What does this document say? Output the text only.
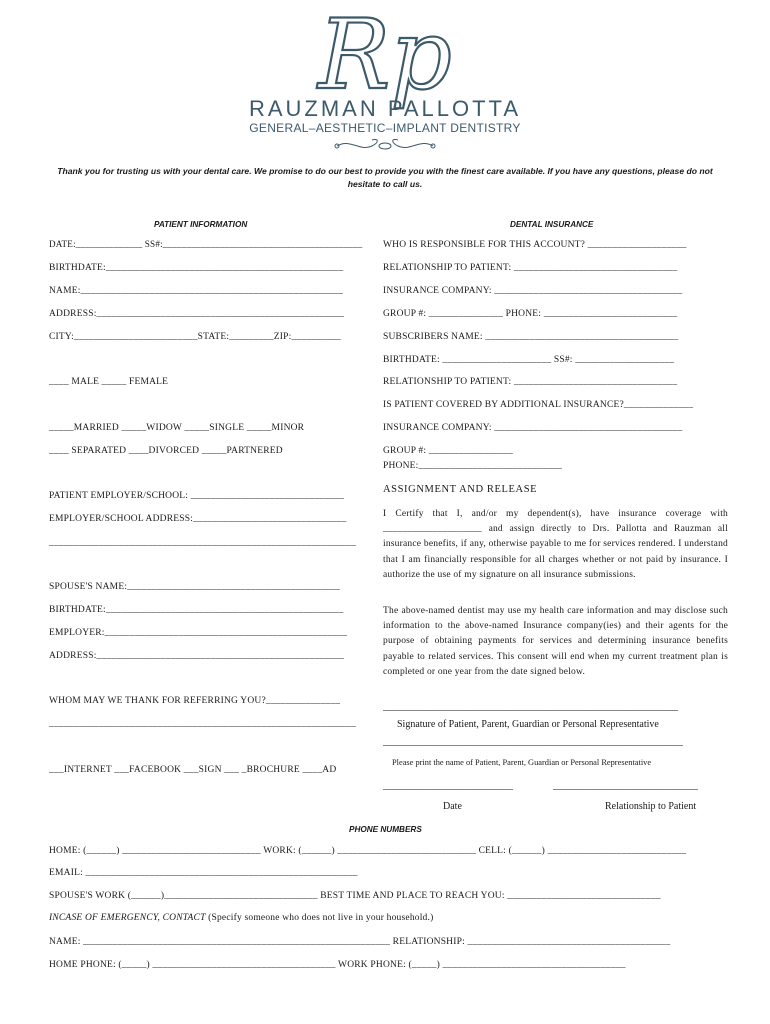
Rp
RAUZMAN PALLOTTA
GENERAL–AESTHETIC–IMPLANT DENTISTRY
Thank you for trusting us with your dental care. We promise to do our best to provide you with the finest care available. If you have any questions, please do not hesitate to call us.
PATIENT INFORMATION	DENTAL INSURANCE
DATE:______________ SS#:__________________________________________
BIRTHDATE:________________________________________________
NAME:_____________________________________________________
ADDRESS:__________________________________________________
CITY:_________________________STATE:_________ZIP:__________
____ MALE _____ FEMALE
_____MARRIED _____WIDOW _____SINGLE _____MINOR
____ SEPARATED ____DIVORCED _____PARTNERED
PATIENT EMPLOYER/SCHOOL: _______________________________
EMPLOYER/SCHOOL ADDRESS:_______________________________
______________________________________________________________
SPOUSE'S NAME:___________________________________________
BIRTHDATE:________________________________________________
EMPLOYER:_________________________________________________
ADDRESS:__________________________________________________
WHOM MAY WE THANK FOR REFERRING YOU?_______________
______________________________________________________________
___INTERNET ___FACEBOOK ___SIGN ___ _BROCHURE ____AD
WHO IS RESPONSIBLE FOR THIS ACCOUNT? ____________________
RELATIONSHIP TO PATIENT: _________________________________
INSURANCE COMPANY: ______________________________________
GROUP #: _______________ PHONE: ___________________________
SUBSCRIBERS NAME: _______________________________________
BIRTHDATE: ______________________ SS#: ____________________
RELATIONSHIP TO PATIENT: _________________________________
IS PATIENT COVERED BY ADDITIONAL INSURANCE?______________
INSURANCE COMPANY: ______________________________________
GROUP #: _________________
PHONE:_____________________________
ASSIGNMENT AND RELEASE
I Certify that I, and/or my dependent(s), have insurance coverage with ____________________ and assign directly to Drs. Pallotta and Rauzman all insurance benefits, if any, otherwise payable to me for services rendered. I understand that I am financially responsible for all charges whether or not paid by insurance. I authorize the use of my signature on all insurance submissions.
The above-named dentist may use my health care information and may disclose such information to the above-named Insurance company(ies) and their agents for the purpose of obtaining payments for services and determining insurance benefits payable to related services. This consent will end when my current treatment plan is completed or one year from the date signed below.
___________________________________________________________
Signature of Patient, Parent, Guardian or Personal Representative
____________________________________________________________
Please print the name of Patient, Parent, Guardian or Personal Representative
__________________________	_____________________________
Date	Relationship to Patient
PHONE NUMBERS
HOME: (______) ____________________________ WORK: (______) ____________________________ CELL: (______) ____________________________
EMAIL: _______________________________________________________
SPOUSE'S WORK (______)_______________________________ BEST TIME AND PLACE TO REACH YOU: _______________________________
INCASE OF EMERGENCY, CONTACT (Specify someone who does not live in your household.)
NAME: ______________________________________________________________ RELATIONSHIP: _________________________________________
HOME PHONE: (_____) _____________________________________ WORK PHONE: (_____) _____________________________________
